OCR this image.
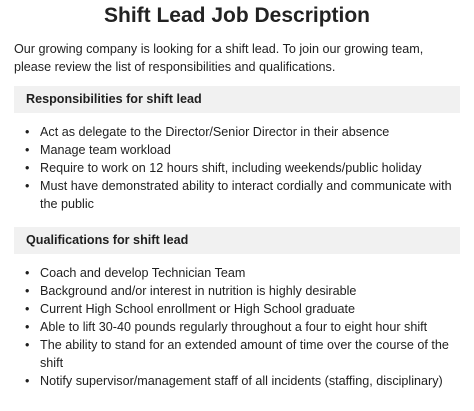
Shift Lead Job Description

Our growing company is looking for a shift lead. To join our growing team, please review the list of responsibilities and qualifications.

Responsibilities for shift lead
• Act as delegate to the Director/Senior Director in their absence
• Manage team workload
• Require to work on 12 hours shift, including weekends/public holiday
• Must have demonstrated ability to interact cordially and communicate with the public
Qualifications for shift lead
• Coach and develop Technician Team
• Background and/or interest in nutrition is highly desirable
• Current High School enrollment or High School graduate
• Able to lift 30-40 pounds regularly throughout a four to eight hour shift
• The ability to stand for an extended amount of time over the course of the shift
• Notify supervisor/management staff of all incidents (staffing, disciplinary)
